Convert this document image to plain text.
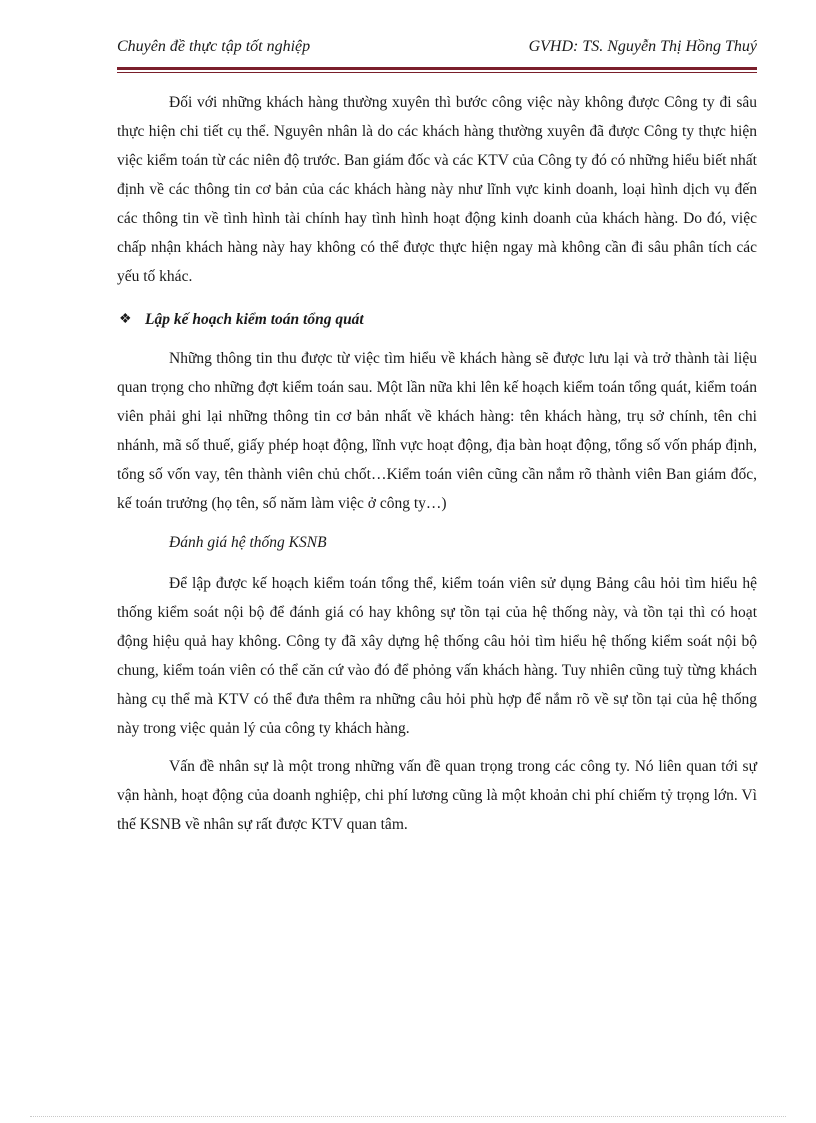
Chuyên đề thực tập tốt nghiệp	GVHD: TS. Nguyễn Thị Hồng Thuý

Đối với những khách hàng thường xuyên thì bước công việc này không được Công ty đi sâu thực hiện chi tiết cụ thể. Nguyên nhân là do các khách hàng thường xuyên đã được Công ty thực hiện việc kiểm toán từ các niên độ trước. Ban giám đốc và các KTV của Công ty đó có những hiểu biết nhất định về các thông tin cơ bản của các khách hàng này như lĩnh vực kinh doanh, loại hình dịch vụ đến các thông tin về tình hình tài chính hay tình hình hoạt động kinh doanh của khách hàng. Do đó, việc chấp nhận khách hàng này hay không có thể được thực hiện ngay mà không cần đi sâu phân tích các yếu tố khác.

❖ Lập kế hoạch kiểm toán tổng quát

Những thông tin thu được từ việc tìm hiểu về khách hàng sẽ được lưu lại và trở thành tài liệu quan trọng cho những đợt kiểm toán sau. Một lần nữa khi lên kế hoạch kiểm toán tổng quát, kiểm toán viên phải ghi lại những thông tin cơ bản nhất về khách hàng: tên khách hàng, trụ sở chính, tên chi nhánh, mã số thuế, giấy phép hoạt động, lĩnh vực hoạt động, địa bàn hoạt động, tổng số vốn pháp định, tổng số vốn vay, tên thành viên chủ chốt…Kiểm toán viên cũng cần nắm rõ thành viên Ban giám đốc, kế toán trưởng (họ tên, số năm làm việc ở công ty…)

Đánh giá hệ thống KSNB

Để lập được kế hoạch kiểm toán tổng thể, kiểm toán viên sử dụng Bảng câu hỏi tìm hiểu hệ thống kiểm soát nội bộ để đánh giá có hay không sự tồn tại của hệ thống này, và tồn tại thì có hoạt động hiệu quả hay không. Công ty đã xây dựng hệ thống câu hỏi tìm hiểu hệ thống kiểm soát nội bộ chung, kiểm toán viên có thể căn cứ vào đó để phỏng vấn khách hàng. Tuy nhiên cũng tuỳ từng khách hàng cụ thể mà KTV có thể đưa thêm ra những câu hỏi phù hợp để nắm rõ về sự tồn tại của hệ thống này trong việc quản lý của công ty khách hàng.

Vấn đề nhân sự là một trong những vấn đề quan trọng trong các công ty. Nó liên quan tới sự vận hành, hoạt động của doanh nghiệp, chi phí lương cũng là một khoản chi phí chiếm tỷ trọng lớn. Vì thế KSNB về nhân sự rất được KTV quan tâm.
